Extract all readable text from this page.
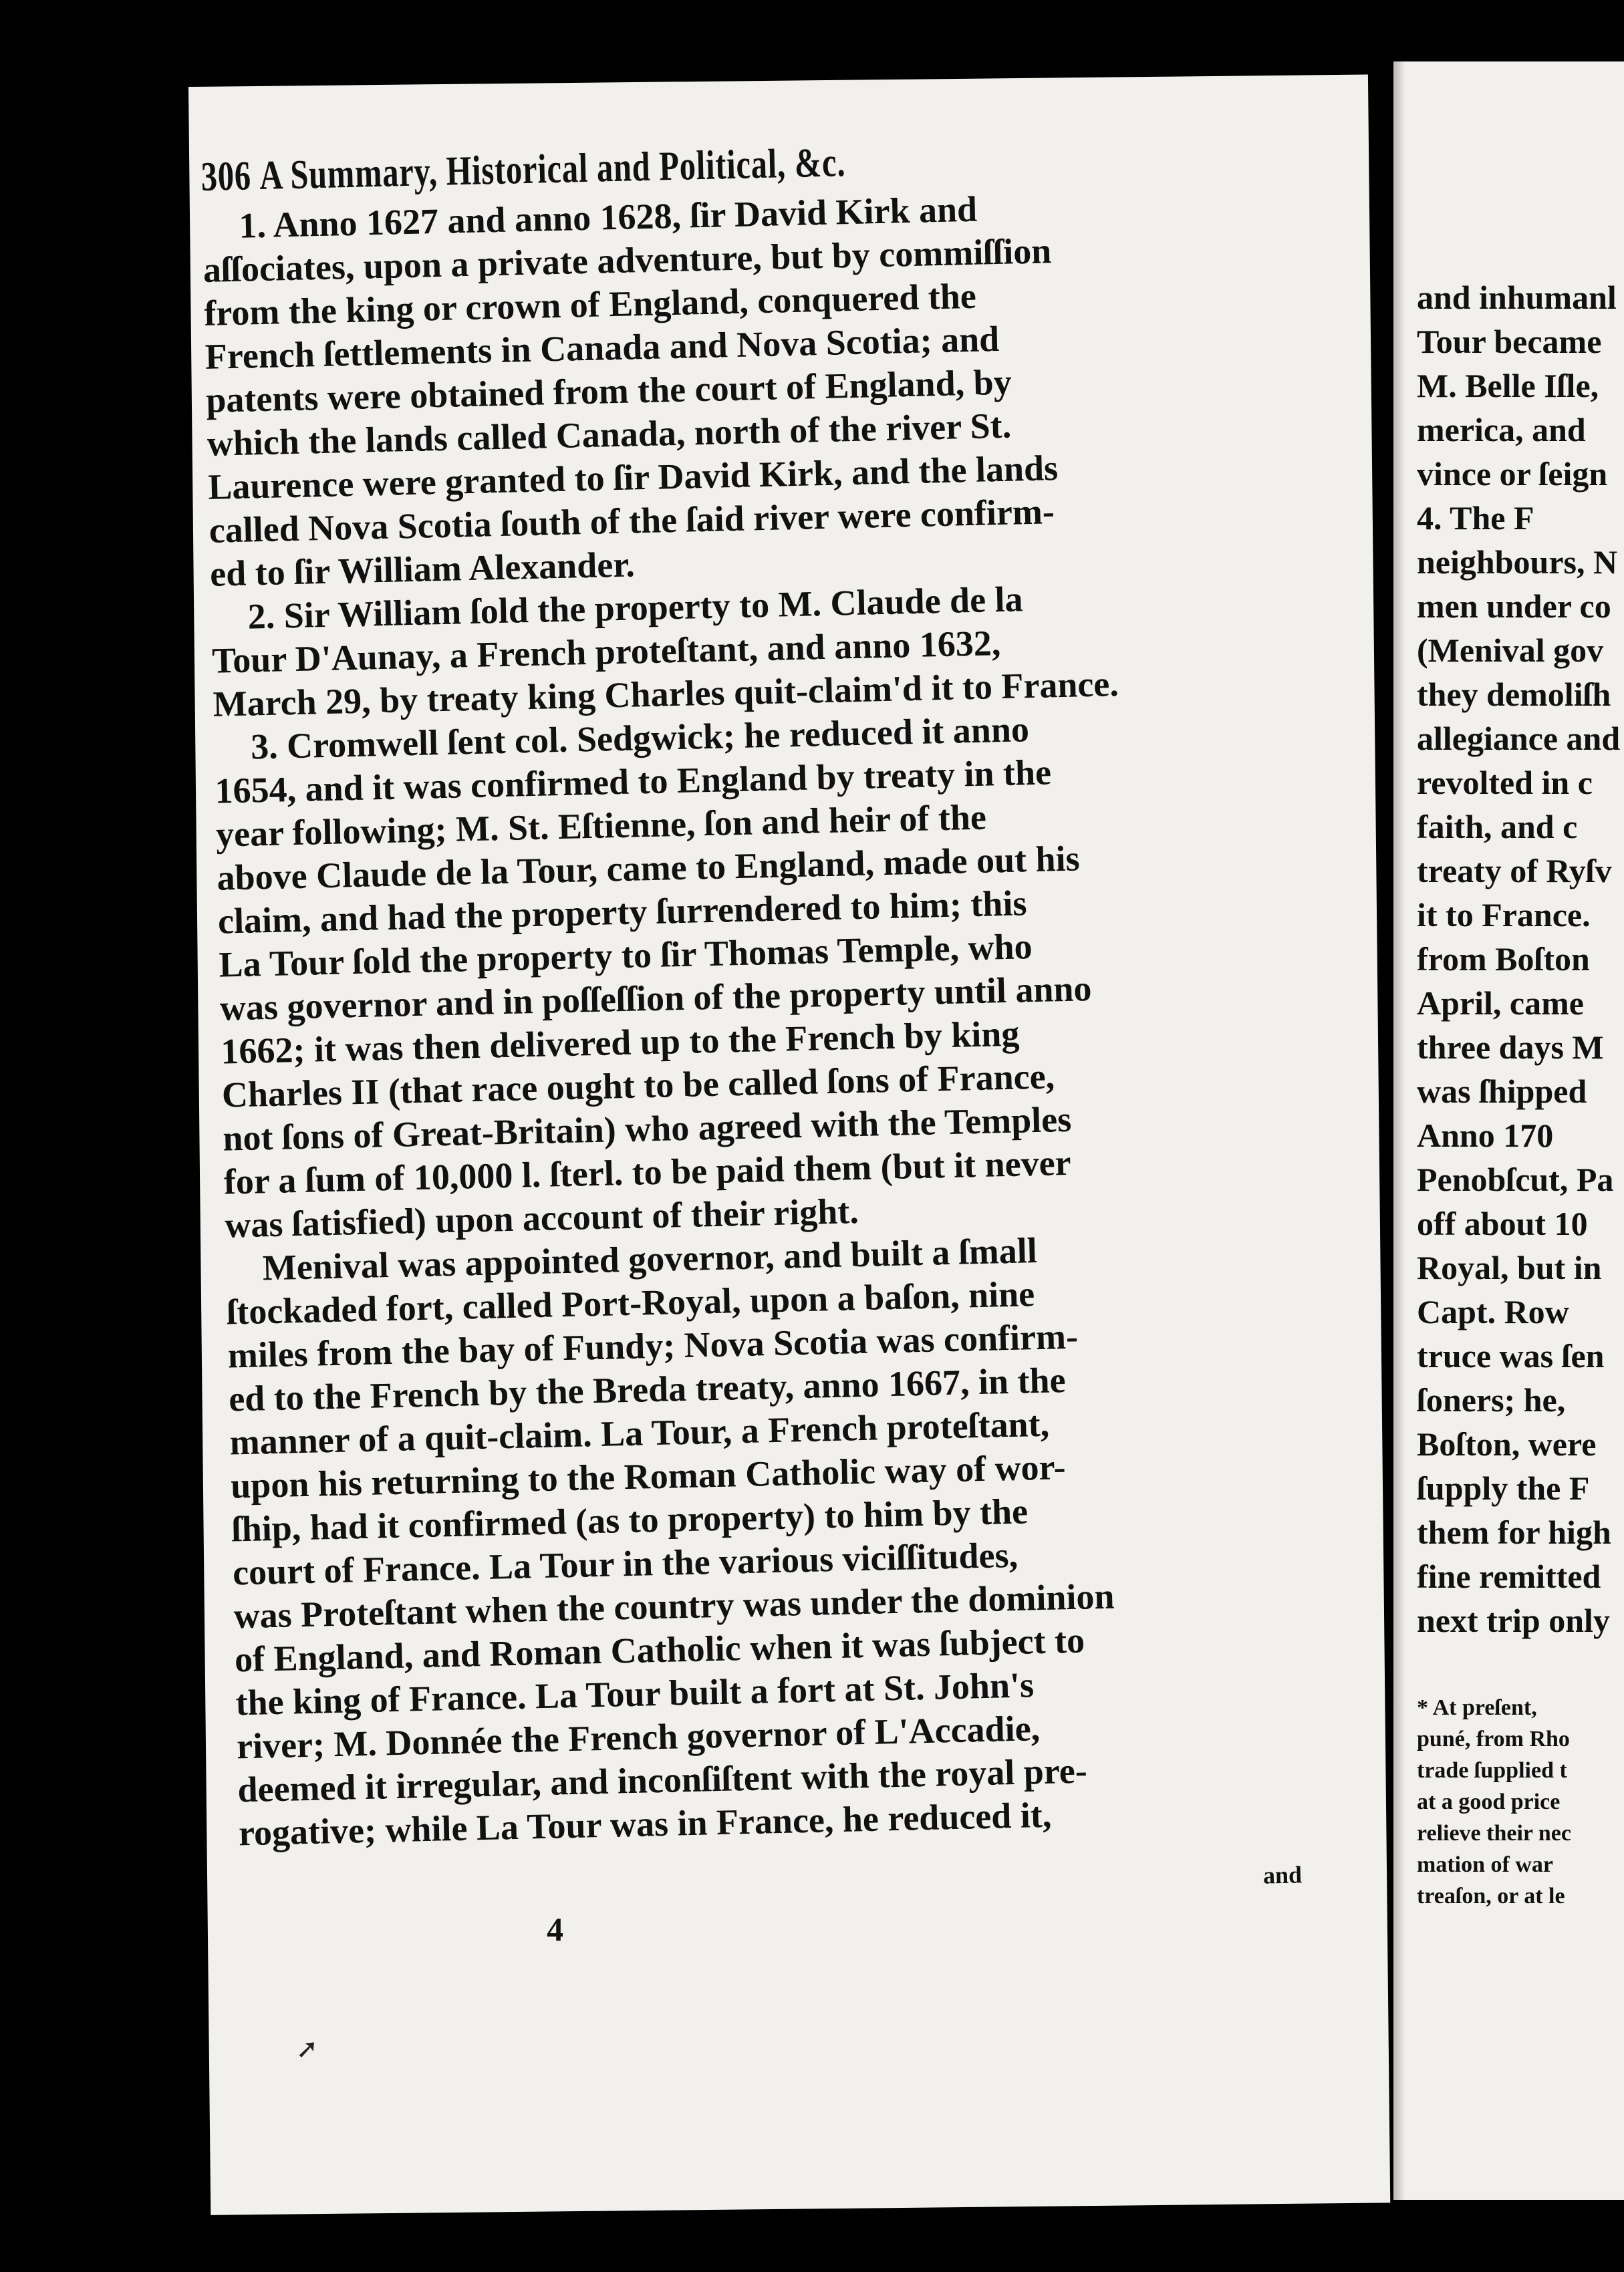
➚
306 A Summary, Historical and Political, &c.
1. Anno 1627 and anno 1628, ſir David Kirk and
aſſociates, upon a private adventure, but by commiſſion
from the king or crown of England, conquered the
French ſettlements in Canada and Nova Scotia; and
patents were obtained from the court of England, by
which the lands called Canada, north of the river St.
Laurence were granted to ſir David Kirk, and the lands
called Nova Scotia ſouth of the ſaid river were confirm-
ed to ſir William Alexander.
2. Sir William ſold the property to M. Claude de la
Tour D'Aunay, a French proteſtant, and anno 1632,
March 29, by treaty king Charles quit-claim'd it to France.
3. Cromwell ſent col. Sedgwick; he reduced it anno
1654, and it was confirmed to England by treaty in the
year following; M. St. Eſtienne, ſon and heir of the
above Claude de la Tour, came to England, made out his
claim, and had the property ſurrendered to him; this
La Tour ſold the property to ſir Thomas Temple, who
was governor and in poſſeſſion of the property until anno
1662; it was then delivered up to the French by king
Charles II (that race ought to be called ſons of France,
not ſons of Great-Britain) who agreed with the Temples
for a ſum of 10,000 l. ſterl. to be paid them (but it never
was ſatisfied) upon account of their right.
Menival was appointed governor, and built a ſmall
ſtockaded fort, called Port-Royal, upon a baſon, nine
miles from the bay of Fundy; Nova Scotia was confirm-
ed to the French by the Breda treaty, anno 1667, in the
manner of a quit-claim. La Tour, a French proteſtant,
upon his returning to the Roman Catholic way of wor-
ſhip, had it confirmed (as to property) to him by the
court of France. La Tour in the various viciſſitudes,
was Proteſtant when the country was under the dominion
of England, and Roman Catholic when it was ſubject to
the king of France. La Tour built a fort at St. John's
river; M. Donnée the French governor of L'Accadie,
deemed it irregular, and inconſiſtent with the royal pre-
rogative; while La Tour was in France, he reduced it,
and
4
and inhumanl
Tour became
M. Belle Iſle,
merica, and
vince or ſeign
4. The F
neighbours, N
men under co
(Menival gov
they demoliſh
allegiance and
revolted in c
faith, and c
treaty of Ryſv
it to France.
from Boſton
April, came
three days M
was ſhipped
Anno 170
Penobſcut, Pa
off about 10
Royal, but in
Capt. Row
truce was ſen
ſoners; he,
Boſton, were
ſupply the F
them for high
fine remitted
next trip only
* At preſent,
puné, from Rho
trade ſupplied t
at a good price
relieve their nec
mation of war
treaſon, or at le
